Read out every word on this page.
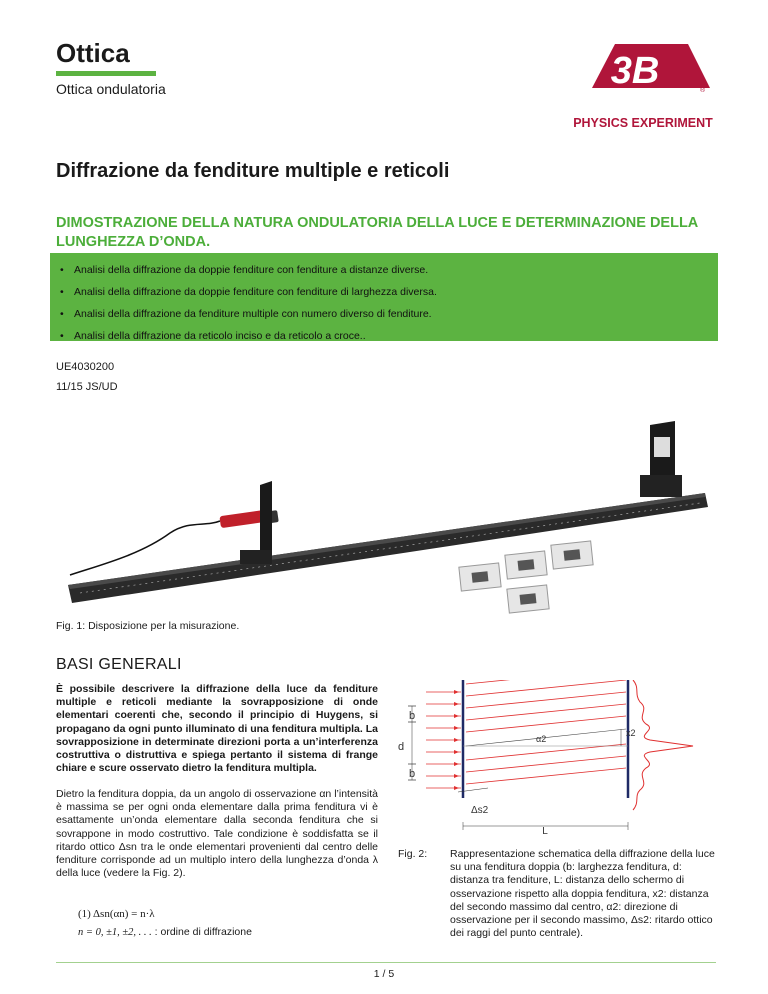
Ottica
Ottica ondulatoria	3B	®
PHYSICS EXPERIMENT
Diffrazione da fenditure multiple e reticoli
DIMOSTRAZIONE DELLA NATURA ONDULATORIA DELLA LUCE E DETERMINAZIONE DELLA LUNGHEZZA D’ONDA.
• Analisi della diffrazione da doppie fenditure con fenditure a distanze diverse.
• Analisi della diffrazione da doppie fenditure con fenditure di larghezza diversa.
• Analisi della diffrazione da fenditure multiple con numero diverso di fenditure.
• Analisi della diffrazione da reticolo inciso e da reticolo a croce..
UE4030200
11/15 JS/UD
Fig. 1: Disposizione per la misurazione.
BASI GENERALI

È possibile descrivere la diffrazione della luce da fenditure multiple e reticoli mediante la sovrapposizione di onde elementari coerenti che, secondo il principio di Huygens, si propagano da ogni punto illuminato di una fenditura multipla. La sovrapposizione in determinate direzioni porta a un’interferenza costruttiva o distruttiva e spiega pertanto il sistema di frange chiare e scure osservato dietro la fenditura multipla.

Dietro la fenditura doppia, da un angolo di osservazione αn l’intensità è massima se per ogni onda elementare dalla prima fenditura vi è esattamente un’onda elementare dalla seconda fenditura che si sovrappone in modo costruttivo. Tale condizione è soddisfatta se il ritardo ottico Δsn tra le onde elementari provenienti dal centro delle fenditure corrisponde ad un multiplo intero della lunghezza d’onda λ della luce (vedere la Fig. 2).

(1) Δsn(αn) = n·λ
n = 0, ±1, ±2, . . . : ordine di diffrazione
b
d
b
α2
x2
Δs2
L
Fig. 2: Rappresentazione schematica della diffrazione della luce su una fenditura doppia (b: larghezza fenditura, d: distanza tra fenditure, L: distanza dello schermo di osservazione rispetto alla doppia fenditura, x2: distanza del secondo massimo dal centro, α2: direzione di osservazione per il secondo massimo, Δs2: ritardo ottico dei raggi del punto centrale).
1 / 5
